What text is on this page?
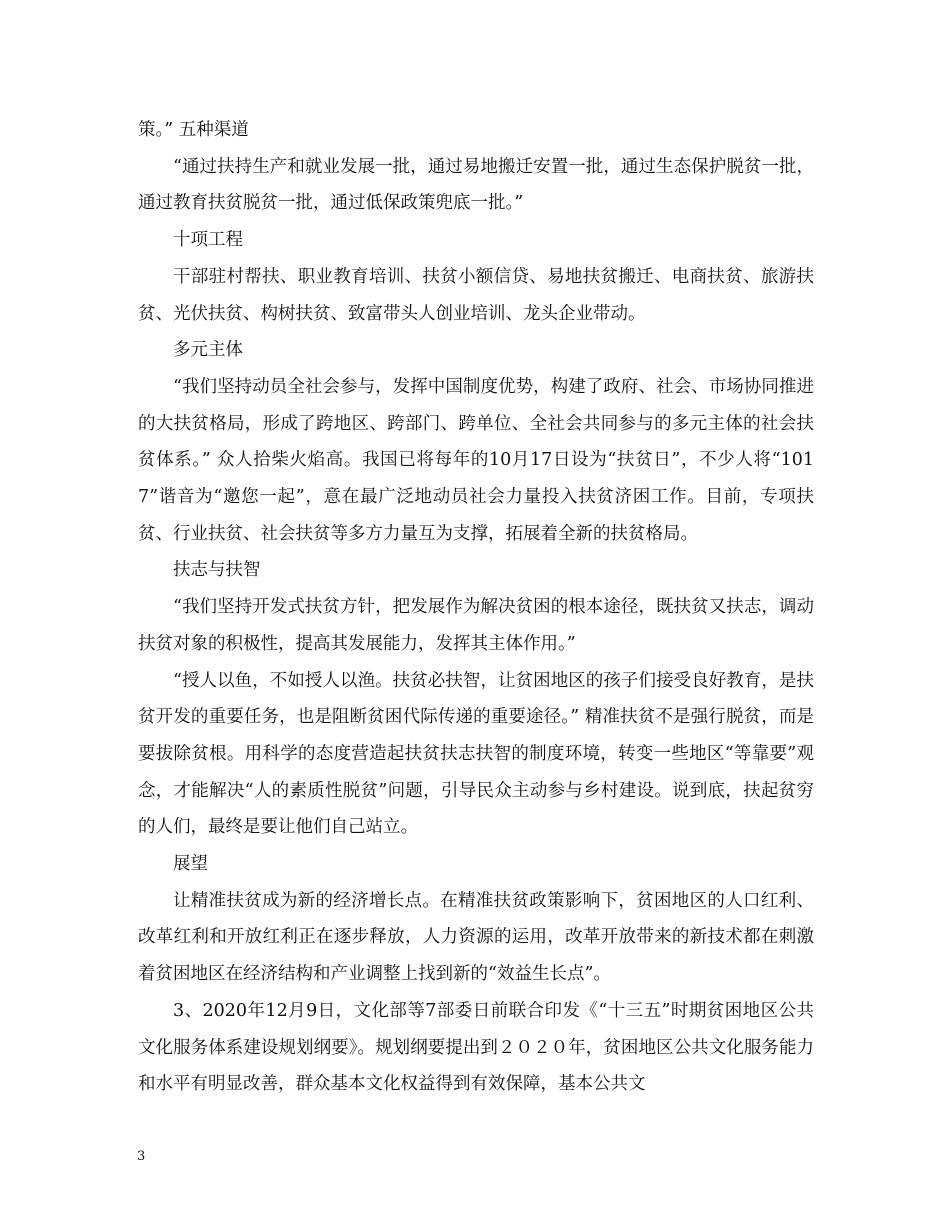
策。” 五种渠道

“通过扶持生产和就业发展一批，通过易地搬迁安置一批，通过生态保护脱贫一批，通过教育扶贫脱贫一批，通过低保政策兜底一批。”

十项工程

干部驻村帮扶、职业教育培训、扶贫小额信贷、易地扶贫搬迁、电商扶贫、旅游扶贫、光伏扶贫、构树扶贫、致富带头人创业培训、龙头企业带动。

多元主体

“我们坚持动员全社会参与，发挥中国制度优势，构建了政府、社会、市场协同推进的大扶贫格局，形成了跨地区、跨部门、跨单位、全社会共同参与的多元主体的社会扶贫体系。” 众人拾柴火焰高。我国已将每年的10月17日设为“扶贫日”，不少人将“1017”谐音为“邀您一起”，意在最广泛地动员社会力量投入扶贫济困工作。目前，专项扶贫、行业扶贫、社会扶贫等多方力量互为支撑，拓展着全新的扶贫格局。

扶志与扶智

“我们坚持开发式扶贫方针，把发展作为解决贫困的根本途径，既扶贫又扶志，调动扶贫对象的积极性，提高其发展能力，发挥其主体作用。”

“授人以鱼，不如授人以渔。扶贫必扶智，让贫困地区的孩子们接受良好教育，是扶贫开发的重要任务，也是阻断贫困代际传递的重要途径。” 精准扶贫不是强行脱贫，而是要拔除贫根。用科学的态度营造起扶贫扶志扶智的制度环境，转变一些地区“等靠要”观念，才能解决“人的素质性脱贫”问题，引导民众主动参与乡村建设。说到底，扶起贫穷的人们，最终是要让他们自己站立。

展望

让精准扶贫成为新的经济增长点。在精准扶贫政策影响下，贫困地区的人口红利、改革红利和开放红利正在逐步释放，人力资源的运用，改革开放带来的新技术都在刺激着贫困地区在经济结构和产业调整上找到新的“效益生长点”。

3、2020年12月9日，文化部等7部委日前联合印发《“十三五”时期贫困地区公共文化服务体系建设规划纲要》。规划纲要提出到２０２０年，贫困地区公共文化服务能力和水平有明显改善，群众基本文化权益得到有效保障，基本公共文

3
